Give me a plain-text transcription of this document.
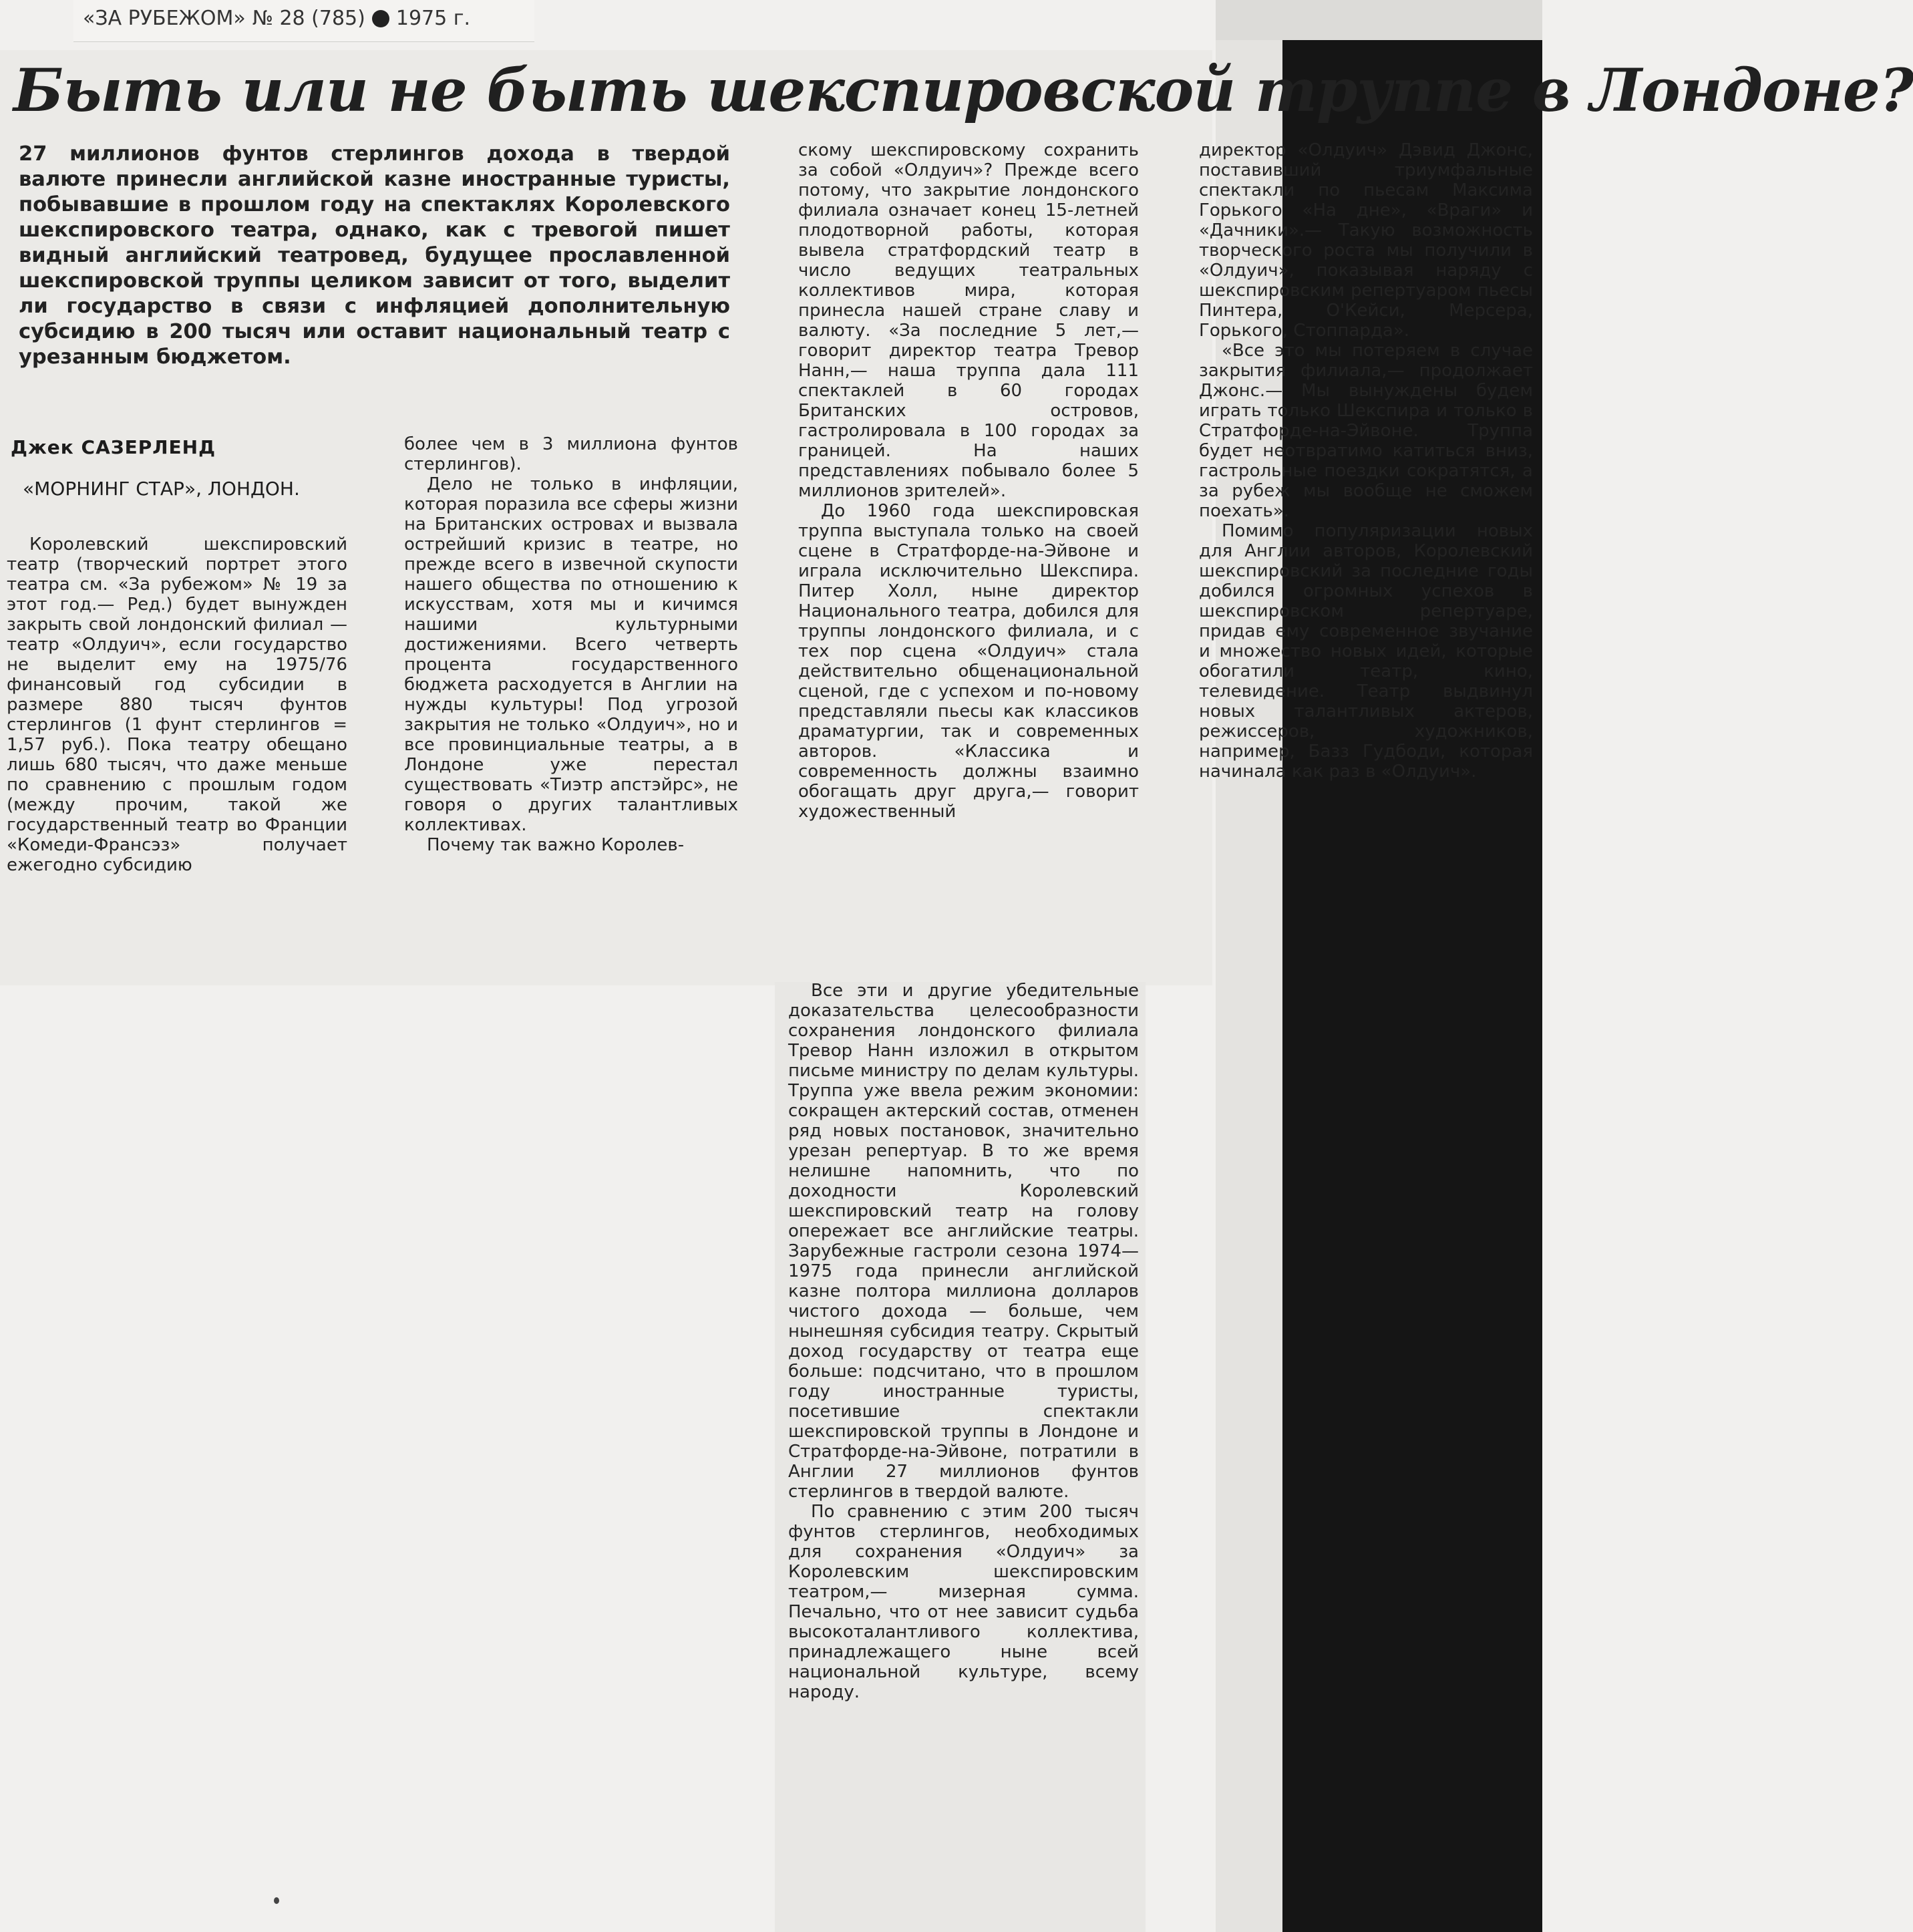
«ЗА РУБЕЖОМ» № 28 (785) 1975 г.
Быть или не быть шекспировской труппе в Лондоне?
27 миллионов фунтов стерлингов дохода в твердой валюте принесли английской казне иностранные туристы, побывавшие в прошлом году на спектаклях Королевского шекспировского театра, однако, как с тревогой пишет видный английский театровед, будущее прославленной шекспировской труппы целиком зависит от того, выделит ли государство в связи с инфляцией дополнительную субсидию в 200 тысяч или оставит национальный театр с урезанным бюджетом.
Джек САЗЕРЛЕНД
«МОРНИНГ СТАР», ЛОНДОН.

Королевский шекспировский театр (творческий портрет этого театра см. «За рубежом» № 19 за этот год.— Ред.) будет вынужден закрыть свой лондонский филиал — театр «Олдуич», если государство не выделит ему на 1975/76 финансовый год субсидии в размере 880 тысяч фунтов стерлингов (1 фунт стерлингов = 1,57 руб.). Пока театру обещано лишь 680 тысяч, что даже меньше по сравнению с прошлым годом (между прочим, такой же государственный театр во Франции «Комеди-Франсэз» получает ежегодно субсидию

более чем в 3 миллиона фунтов стерлингов).

Дело не только в инфляции, которая поразила все сферы жизни на Британских островах и вызвала острейший кризис в театре, но прежде всего в извечной скупости нашего общества по отношению к искусствам, хотя мы и кичимся нашими культурными достижениями. Всего четверть процента государственного бюджета расходуется в Англии на нужды культуры! Под угрозой закрытия не только «Олдуич», но и все провинциальные театры, а в Лондоне уже перестал существовать «Тиэтр апстэйрс», не говоря о других талантливых коллективах.

Почему так важно Королев-

скому шекспировскому сохранить за собой «Олдуич»? Прежде всего потому, что закрытие лондонского филиала означает конец 15-летней плодотворной работы, которая вывела стратфордский театр в число ведущих театральных коллективов мира, которая принесла нашей стране славу и валюту. «За последние 5 лет,— говорит директор театра Тревор Нанн,— наша труппа дала 111 спектаклей в 60 городах Британских островов, гастролировала в 100 городах за границей. На наших представлениях побывало более 5 миллионов зрителей».

До 1960 года шекспировская труппа выступала только на своей сцене в Стратфорде-на-Эйвоне и играла исключительно Шекспира. Питер Холл, ныне директор Национального театра, добился для труппы лондонского филиала, и с тех пор сцена «Олдуич» стала действительно общенациональной сценой, где с успехом и по-новому представляли пьесы как классиков драматургии, так и современных авторов. «Классика и современность должны взаимно обогащать друг друга,— говорит художественный

директор «Олдуич» Дэвид Джонс, поставивший триумфальные спектакли по пьесам Максима Горького «На дне», «Враги» и «Дачники».— Такую возможность творческого роста мы получили в «Олдуич», показывая наряду с шекспировским репертуаром пьесы Пинтера, О'Кейси, Мерсера, Горького, Стоппарда».

«Все это мы потеряем в случае закрытия филиала,— продолжает Джонс.— Мы вынуждены будем играть только Шекспира и только в Стратфорде-на-Эйвоне. Труппа будет неотвратимо катиться вниз, гастрольные поездки сократятся, а за рубеж мы вообще не сможем поехать».

Помимо популяризации новых для Англии авторов, Королевский шекспировский за последние годы добился огромных успехов в шекспировском репертуаре, придав ему современное звучание и множество новых идей, которые обогатили театр, кино, телевидение. Театр выдвинул новых талантливых актеров, режиссеров, художников, например, Базз Гудбоди, которая начинала как раз в «Олдуич».

Все эти и другие убедительные доказательства целесообразности сохранения лондонского филиала Тревор Нанн изложил в открытом письме министру по делам культуры. Труппа уже ввела режим экономии: сокращен актерский состав, отменен ряд новых постановок, значительно урезан репертуар. В то же время нелишне напомнить, что по доходности Королевский шекспировский театр на голову опережает все английские театры. Зарубежные гастроли сезона 1974—1975 года принесли английской казне полтора миллиона долларов чистого дохода — больше, чем нынешняя субсидия театру. Скрытый доход государству от театра еще больше: подсчитано, что в прошлом году иностранные туристы, посетившие спектакли шекспировской труппы в Лондоне и Стратфорде-на-Эйвоне, потратили в Англии 27 миллионов фунтов стерлингов в твердой валюте.

По сравнению с этим 200 тысяч фунтов стерлингов, необходимых для сохранения «Олдуич» за Королевским шекспировским театром,— мизерная сумма. Печально, что от нее зависит судьба высокоталантливого коллектива, принадлежащего ныне всей национальной культуре, всему народу.
